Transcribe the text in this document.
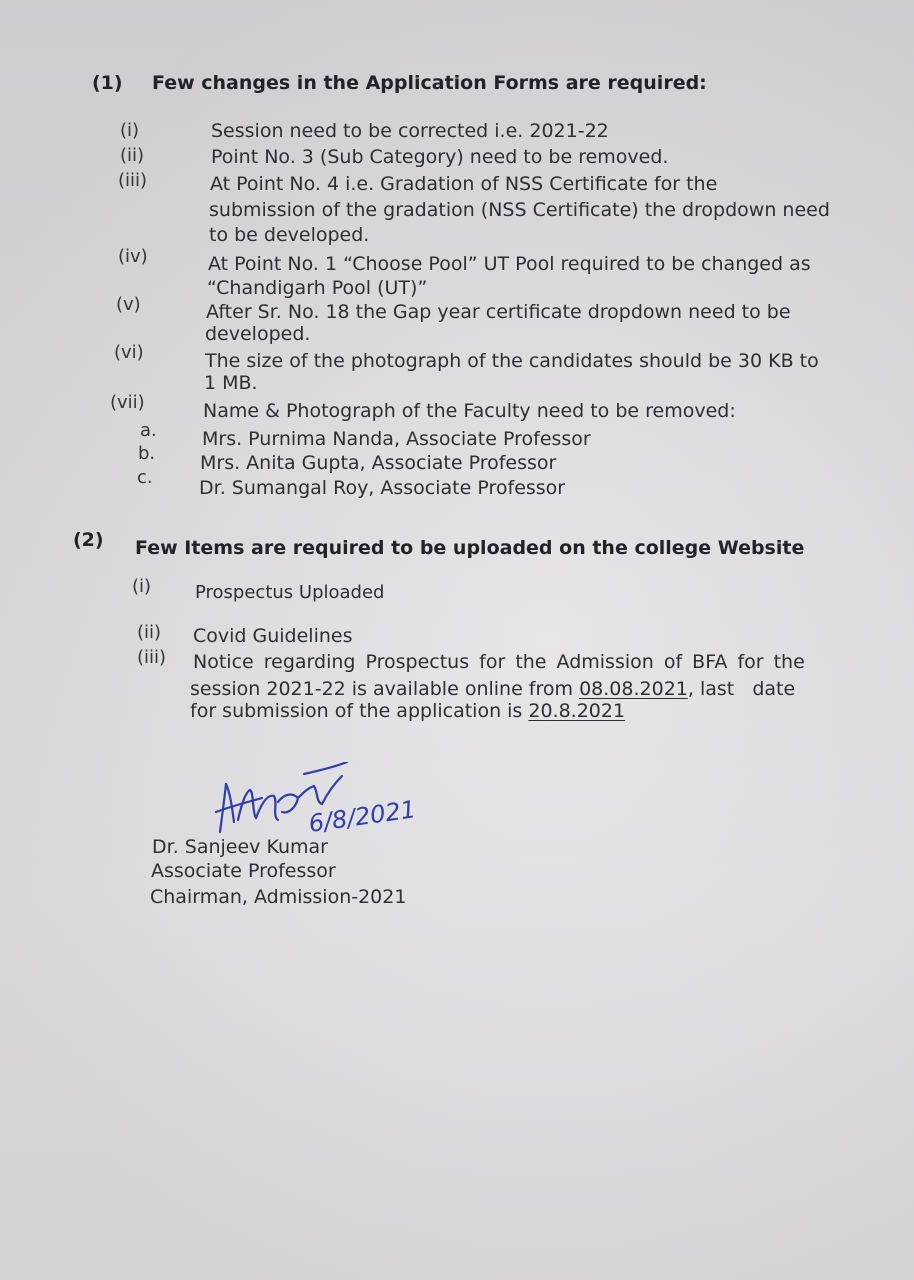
(1) Few changes in the Application Forms are required:
(i)	Session need to be corrected i.e. 2021-22
(ii)	Point No. 3 (Sub Category) need to be removed.
(iii)	At Point No. 4 i.e. Gradation of NSS Certificate for the
submission of the gradation (NSS Certificate) the dropdown need
to be developed.
(iv)	At Point No. 1 “Choose Pool” UT Pool required to be changed as
“Chandigarh Pool (UT)”
(v)	After Sr. No. 18 the Gap year certificate dropdown need to be
developed.
(vi)	The size of the photograph of the candidates should be 30 KB to
1 MB.
(vii)	Name & Photograph of the Faculty need to be removed:
a. Mrs. Purnima Nanda, Associate Professor
b. Mrs. Anita Gupta, Associate Professor
c. Dr. Sumangal Roy, Associate Professor
(2) Few Items are required to be uploaded on the college Website
(i) Prospectus Uploaded
(ii) Covid Guidelines
(iii) Notice regarding Prospectus for the Admission of BFA for the
session 2021-22 is available online from 08.08.2021, last   date
for submission of the application is 20.8.2021
6/8/2021
Dr. Sanjeev Kumar
Associate Professor
Chairman, Admission-2021
